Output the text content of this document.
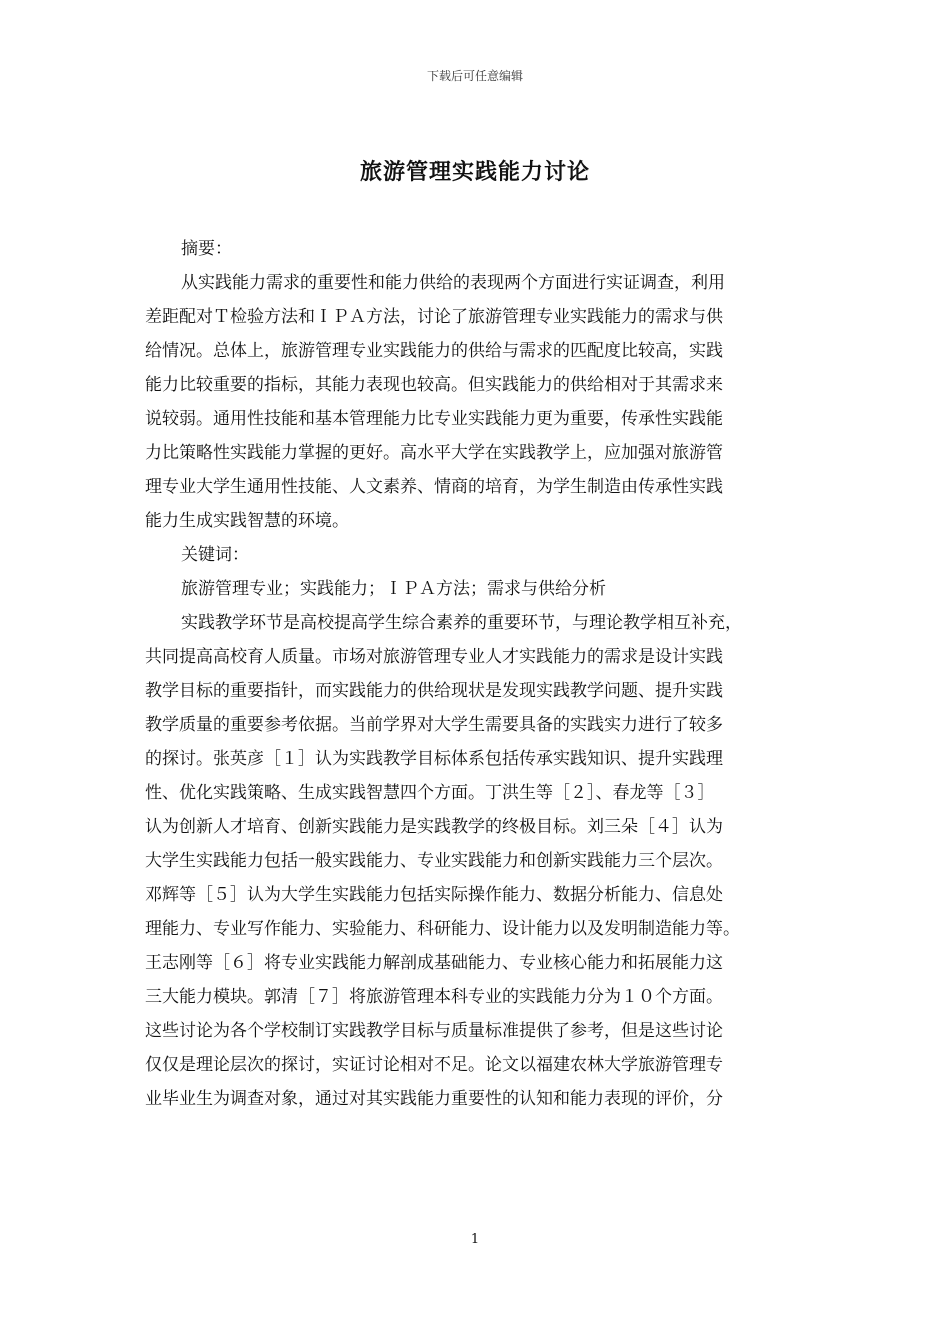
下载后可任意编辑
旅游管理实践能力讨论
摘要：
从实践能力需求的重要性和能力供给的表现两个方面进行实证调查，利用
差距配对Ｔ检验方法和ＩＰＡ方法，讨论了旅游管理专业实践能力的需求与供
给情况。总体上，旅游管理专业实践能力的供给与需求的匹配度比较高，实践
能力比较重要的指标，其能力表现也较高。但实践能力的供给相对于其需求来
说较弱。通用性技能和基本管理能力比专业实践能力更为重要，传承性实践能
力比策略性实践能力掌握的更好。高水平大学在实践教学上，应加强对旅游管
理专业大学生通用性技能、人文素养、情商的培育，为学生制造由传承性实践
能力生成实践智慧的环境。
关键词：
旅游管理专业；实践能力；ＩＰＡ方法；需求与供给分析
实践教学环节是高校提高学生综合素养的重要环节，与理论教学相互补充，
共同提高高校育人质量。市场对旅游管理专业人才实践能力的需求是设计实践
教学目标的重要指针，而实践能力的供给现状是发现实践教学问题、提升实践
教学质量的重要参考依据。当前学界对大学生需要具备的实践实力进行了较多
的探讨。张英彦［１］认为实践教学目标体系包括传承实践知识、提升实践理
性、优化实践策略、生成实践智慧四个方面。丁洪生等［２］、春龙等［３］
认为创新人才培育、创新实践能力是实践教学的终极目标。刘三朵［４］认为
大学生实践能力包括一般实践能力、专业实践能力和创新实践能力三个层次。
邓辉等［５］认为大学生实践能力包括实际操作能力、数据分析能力、信息处
理能力、专业写作能力、实验能力、科研能力、设计能力以及发明制造能力等。
王志刚等［６］将专业实践能力解剖成基础能力、专业核心能力和拓展能力这
三大能力模块。郭清［７］将旅游管理本科专业的实践能力分为１０个方面。
这些讨论为各个学校制订实践教学目标与质量标准提供了参考，但是这些讨论
仅仅是理论层次的探讨，实证讨论相对不足。论文以福建农林大学旅游管理专
业毕业生为调查对象，通过对其实践能力重要性的认知和能力表现的评价，分
1
